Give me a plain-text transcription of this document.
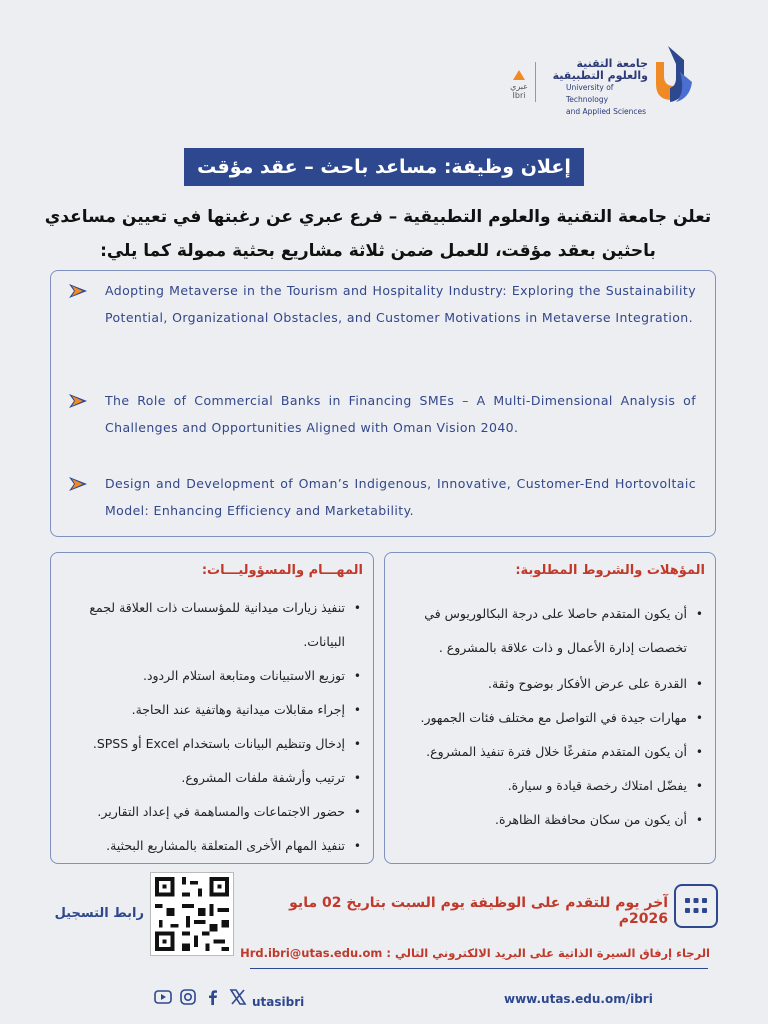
عبري
Ibri
جامعة التقنية
والعلوم التطبيقية
University of Technology
and Applied Sciences
إعلان وظيفة: مساعد باحث – عقد مؤقت
تعلن جامعة التقنية والعلوم التطبيقية – فرع عبري عن رغبتها في تعيين مساعدي باحثين بعقد مؤقت، للعمل ضمن ثلاثة مشاريع بحثية ممولة كما يلي:
Adopting Metaverse in the Tourism and Hospitality Industry: Exploring the Sustainability Potential, Organizational Obstacles, and Customer Motivations in Metaverse Integration.
The Role of Commercial Banks in Financing SMEs – A Multi-Dimensional Analysis of Challenges and Opportunities Aligned with Oman Vision 2040.
Design and Development of Oman’s Indigenous, Innovative, Customer-End Hortovoltaic Model: Enhancing Efficiency and Marketability.
المؤهلات والشروط المطلوبة:
• أن يكون المتقدم حاصلا على درجة البكالوريوس في تخصصات إدارة الأعمال و ذات علاقة بالمشروع .
• القدرة على عرض الأفكار بوضوح وثقة.
• مهارات جيدة في التواصل مع مختلف فئات الجمهور.
• أن يكون المتقدم متفرغًا خلال فترة تنفيذ المشروع.
• يفضّل امتلاك رخصة قيادة و سيارة.
• أن يكون من سكان محافظة الظاهرة.
المهـــام والمسؤوليـــات:
• تنفيذ زيارات ميدانية للمؤسسات ذات العلاقة لجمع البيانات.
• توزيع الاستبيانات ومتابعة استلام الردود.
• إجراء مقابلات ميدانية وهاتفية عند الحاجة.
• إدخال وتنظيم البيانات باستخدام Excel أو SPSS.
• ترتيب وأرشفة ملفات المشروع.
• حضور الاجتماعات والمساهمة في إعداد التقارير.
• تنفيذ المهام الأخرى المتعلقة بالمشاريع البحثية.
آخر يوم للتقدم على الوظيفة يوم السبت بتاريخ 02 مايو 2026م
الرجاء إرفاق السيرة الذاتية على البريد الالكتروني التالي : Hrd.ibri@utas.edu.om
رابط التسجيل

utasibri	www.utas.edu.om/ibri
